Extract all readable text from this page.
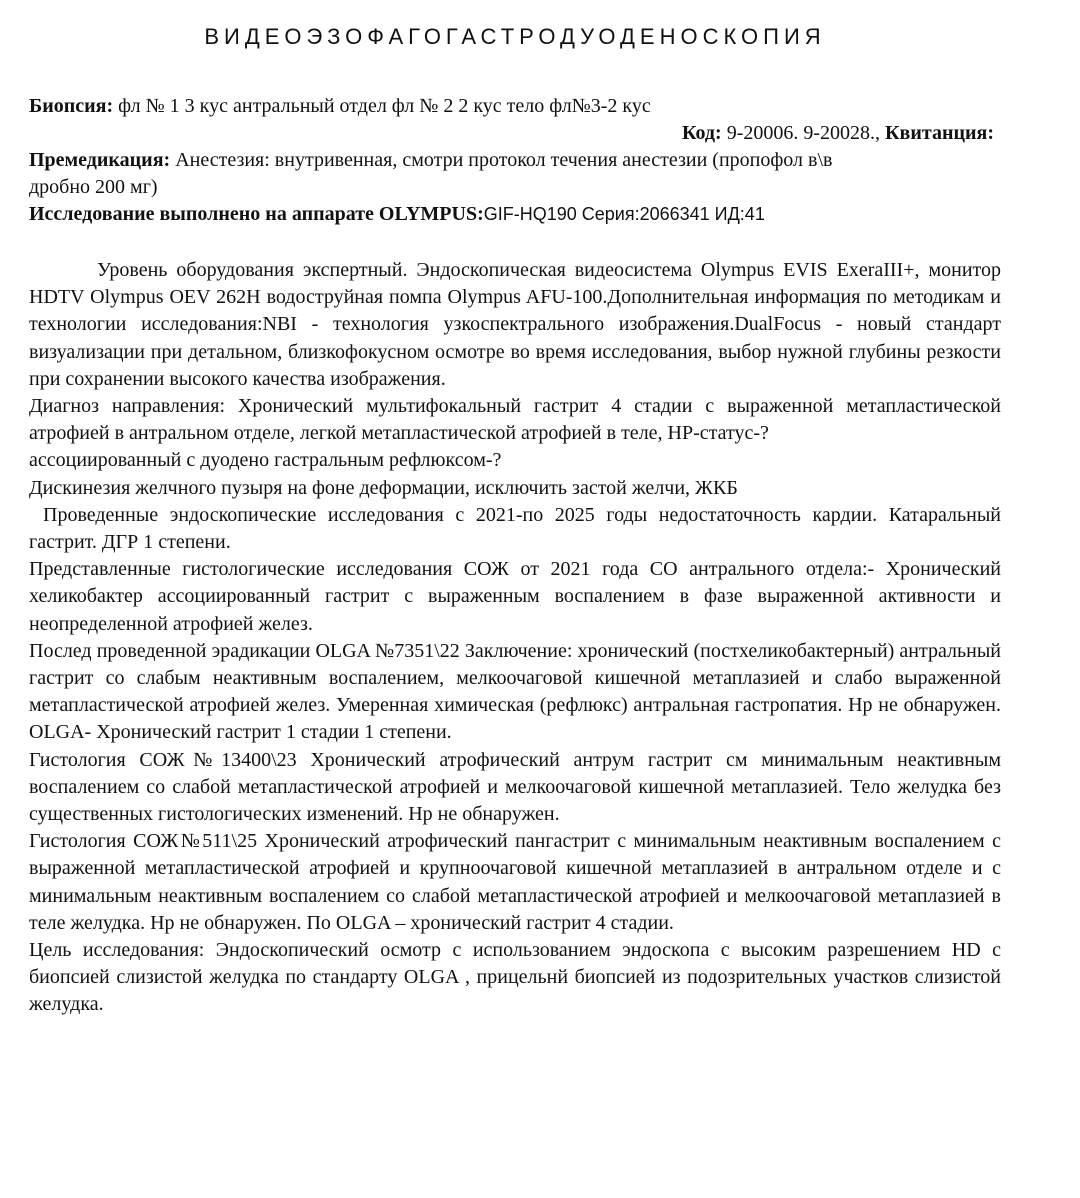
ВИДЕОЭЗОФАГОГАСТРОДУОДЕНОСКОПИЯ
Биопсия: фл № 1 3 кус антральный отдел фл № 2 2 кус тело фл№3-2 кус
Код: 9-20006. 9-20028., Квитанция:
Премедикация: Анестезия: внутривенная, смотри протокол течения анестезии (пропофол в\в
дробно 200 мг)
Исследование выполнено на аппарате OLYMPUS:GIF-HQ190 Серия:2066341 ИД:41

Уровень оборудования экспертный. Эндоскопическая видеосистема Olympus EVIS ExeraIII+, монитор HDTV Olympus OEV 262H водоструйная помпа Olympus AFU-100.Дополнительная информация по методикам и технологии исследования:NBI - технология узкоспектрального изображения.DualFocus - новый стандарт визуализации при детальном, близкофокусном осмотре во время исследования, выбор нужной глубины резкости при сохранении высокого качества изображения.

Диагноз направления: Хронический мультифокальный гастрит 4 стадии с выраженной метапластической атрофией в антральном отделе, легкой метапластической атрофией в теле, HP-статус-?

ассоциированный с дуодено гастральным рефлюксом-?

Дискинезия желчного пузыря на фоне деформации, исключить застой желчи, ЖКБ

Проведенные эндоскопические исследования с 2021-по 2025 годы недостаточность кардии. Катаральный гастрит. ДГР 1 степени.

Представленные гистологические исследования СОЖ от 2021 года СО антрального отдела:- Хронический хеликобактер ассоциированный гастрит с выраженным воспалением в фазе выраженной активности и неопределенной атрофией желез.

Послед проведенной эрадикации OLGA №7351\22 Заключение: хронический (постхеликобактерный) антральный гастрит со слабым неактивным воспалением, мелкоочаговой кишечной метаплазией и слабо выраженной метапластической атрофией желез. Умеренная химическая (рефлюкс) антральная гастропатия. Нр не обнаружен. OLGA- Хронический гастрит 1 стадии 1 степени.

Гистология СОЖ№13400\23 Хронический атрофический антрум гастрит см минимальным неактивным воспалением со слабой метапластической атрофией и мелкоочаговой кишечной метаплазией. Тело желудка без существенных гистологических изменений. Нр не обнаружен.

Гистология СОЖ№511\25 Хронический атрофический пангастрит с минимальным неактивным воспалением с выраженной метапластической атрофией и крупноочаговой кишечной метаплазией в антральном отделе и с минимальным неактивным воспалением со слабой метапластической атрофией и мелкоочаговой метаплазией в теле желудка. Нр не обнаружен. По OLGA – хронический гастрит 4 стадии.

Цель исследования: Эндоскопический осмотр с использованием эндоскопа с высоким разрешением HD с биопсией слизистой желудка по стандарту OLGA , прицельнй биопсией из подозрительных участков слизистой желудка.
